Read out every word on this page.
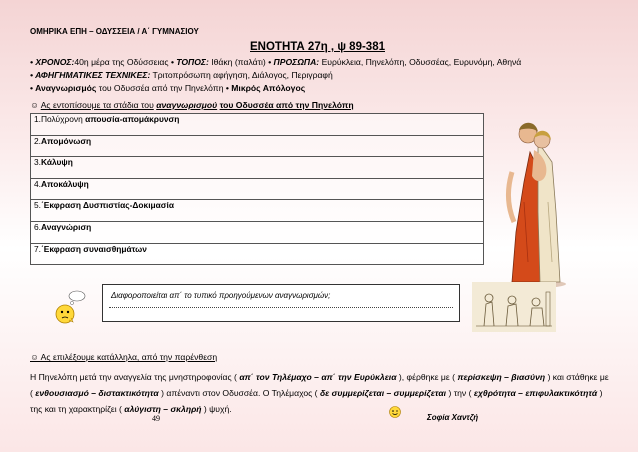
ΟΜΗΡΙΚΑ ΕΠΗ – ΟΔΥΣΣΕΙΑ / Α΄ ΓΥΜΝΑΣΙΟΥ
ΕΝΟΤΗΤΑ 27η , ψ 89-381
• ΧΡΟΝΟΣ:40η μέρα της Οδύσσειας • ΤΟΠΟΣ: Ιθάκη (παλάτι) • ΠΡΟΣΩΠΑ: Ευρύκλεια, Πηνελόπη, Οδυσσέας, Ευρυνόμη, Αθηνά
• ΑΦΗΓΗΜΑΤΙΚΕΣ ΤΕΧΝΙΚΕΣ: Τριτοπρόσωπη αφήγηση, Διάλογος, Περιγραφή
• Αναγνωρισμός του Οδυσσέα από την Πηνελόπη • Μικρός Απόλογος
☺ Ας εντοπίσουμε τα στάδια του αναγνωρισμού του Οδυσσέα από την Πηνελόπη
1.Πολύχρονη απουσία-απομάκρυνση
2.Απομόνωση
3.Κάλυψη
4.Αποκάλυψη
5.΄Εκφραση Δυσπιστίας-Δοκιμασία
6.Αναγνώριση
7.΄Εκφραση συναισθημάτων
Διαφοροποιείται απ΄ το τυπικό προηγούμενων αναγνωρισμών;
☺ Ας επιλέξουμε κατάλληλα, από την παρένθεση
Η Πηνελόπη μετά την αναγγελία της μνηστηροφονίας ( απ΄ τον Τηλέμαχο – απ΄ την Ευρύκλεια ), φέρθηκε με ( περίσκεψη – βιασύνη ) και στάθηκε με ( ενθουσιασμό – διστακτικότητα ) απέναντι στον Οδυσσέα. Ο Τηλέμαχος ( δε συμμερίζεται – συμμερίζεται ) την ( εχθρότητα – επιφυλακτικότητά ) της και τη χαρακτηρίζει ( αλύγιστη – σκληρή ) ψυχή.
49	Σοφία Χαντζή
